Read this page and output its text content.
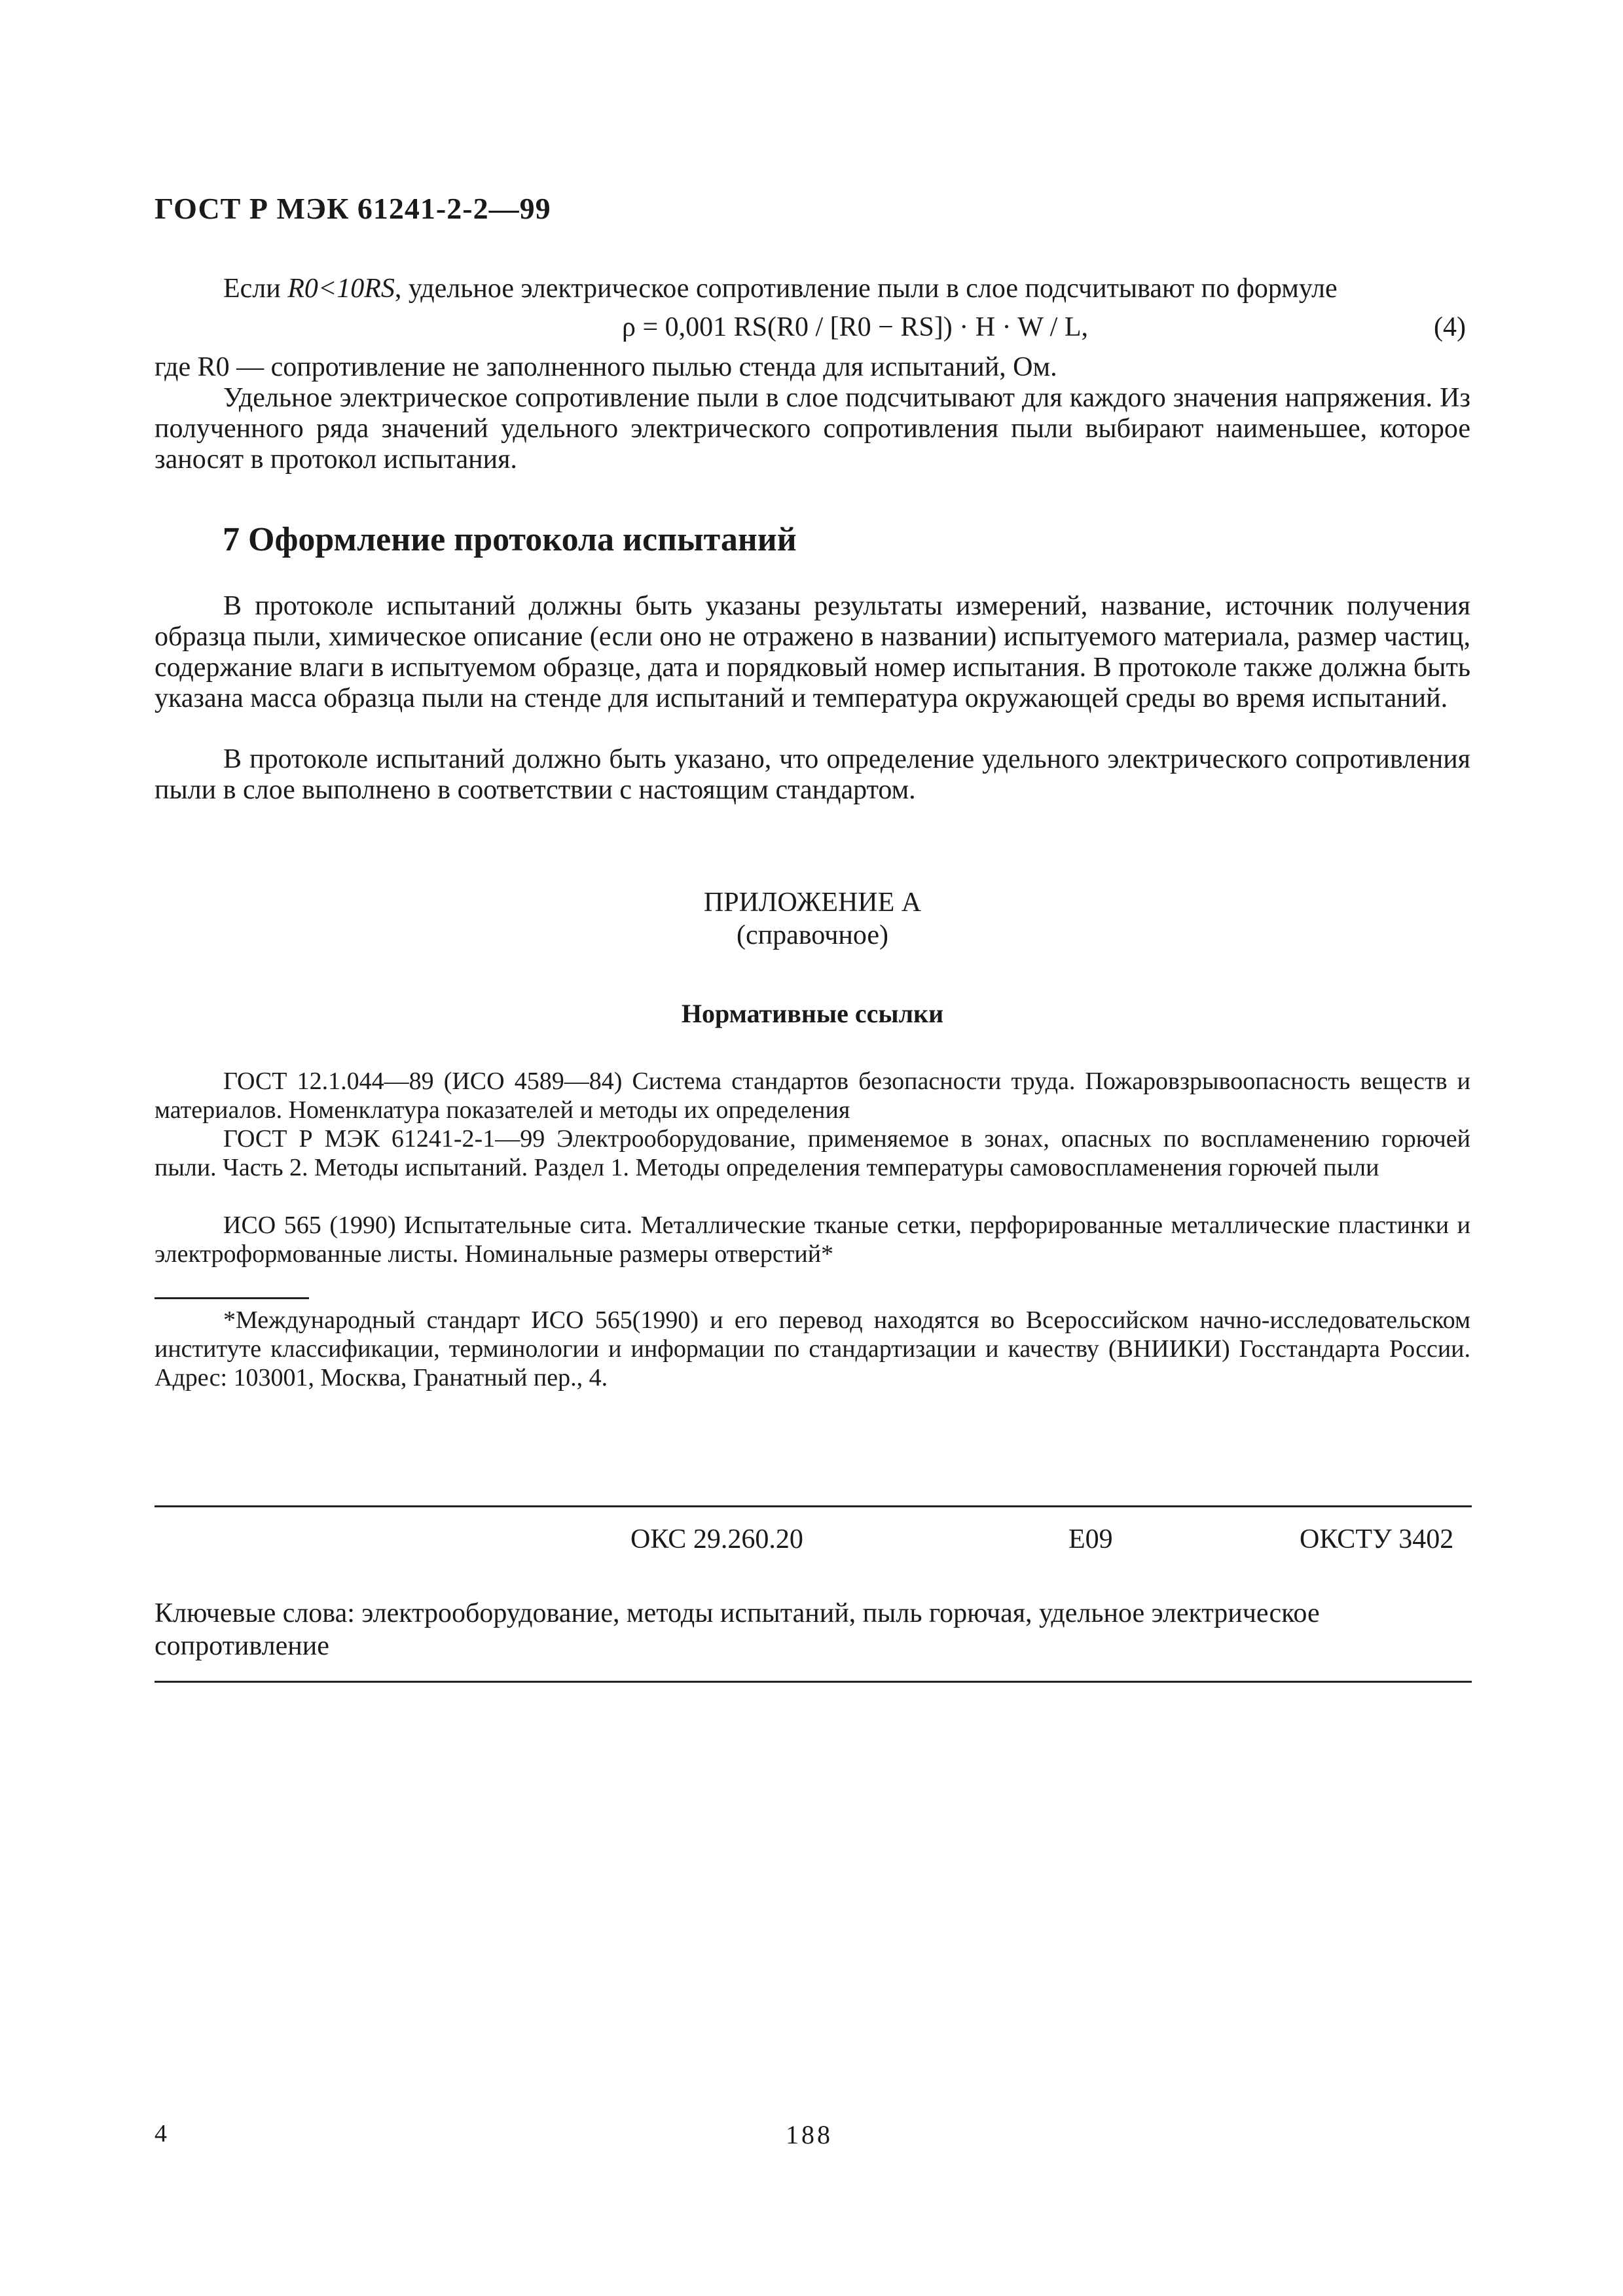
ГОСТ Р МЭК 61241-2-2—99
Если R0<10RS, удельное электрическое сопротивление пыли в слое подсчитывают по формуле
ρ = 0,001 RS(R0 / [R0 − RS]) · H · W / L,	(4)
где R0 — сопротивление не заполненного пылью стенда для испытаний, Ом.
Удельное электрическое сопротивление пыли в слое подсчитывают для каждого значения напряжения. Из полученного ряда значений удельного электрического сопротивления пыли выбирают наименьшее, которое заносят в протокол испытания.
7 Оформление протокола испытаний
В протоколе испытаний должны быть указаны результаты измерений, название, источник получения образца пыли, химическое описание (если оно не отражено в названии) испытуемого материала, размер частиц, содержание влаги в испытуемом образце, дата и порядковый номер испытания. В протоколе также должна быть указана масса образца пыли на стенде для испытаний и температура окружающей среды во время испытаний.
В протоколе испытаний должно быть указано, что определение удельного электрического сопротивления пыли в слое выполнено в соответствии с настоящим стандартом.
ПРИЛОЖЕНИЕ А
(справочное)
Нормативные ссылки
ГОСТ 12.1.044—89 (ИСО 4589—84) Система стандартов безопасности труда. Пожаровзрывоопасность веществ и материалов. Номенклатура показателей и методы их определения
ГОСТ Р МЭК 61241-2-1—99 Электрооборудование, применяемое в зонах, опасных по воспламенению горючей пыли. Часть 2. Методы испытаний. Раздел 1. Методы определения температуры самовоспламенения горючей пыли
ИСО 565 (1990) Испытательные сита. Металлические тканые сетки, перфорированные металлические пластинки и электроформованные листы. Номинальные размеры отверстий*
*Международный стандарт ИСО 565(1990) и его перевод находятся во Всероссийском начно-исследовательском институте классификации, терминологии и информации по стандартизации и качеству (ВНИИКИ) Госстандарта России. Адрес: 103001, Москва, Гранатный пер., 4.
ОКС 29.260.20	Е09	ОКСТУ 3402
Ключевые слова: электрооборудование, методы испытаний, пыль горючая, удельное электрическое сопротивление
4	188
